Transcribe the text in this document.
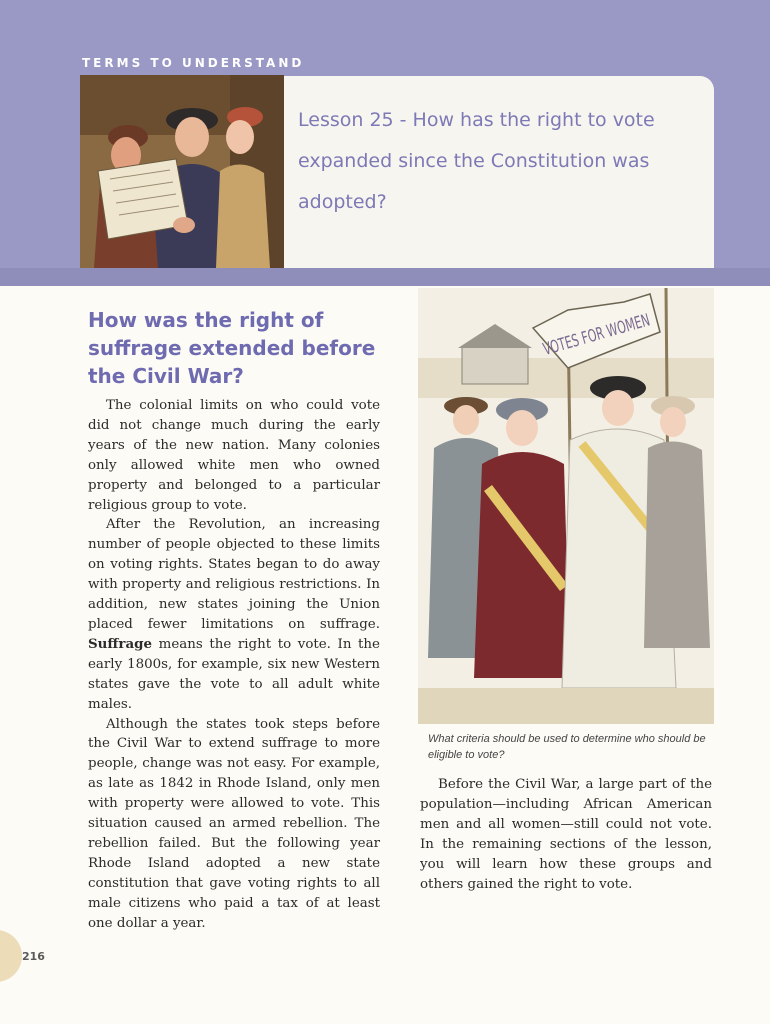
TERMS TO UNDERSTAND
Lesson 25 - How has the right to vote expanded since the Constitution was adopted?
How was the right of suffrage extended before the Civil War?

The colonial limits on who could vote did not change much during the early years of the new nation. Many colonies only allowed white men who owned property and belonged to a particular religious group to vote.

After the Revolution, an increasing number of people objected to these limits on voting rights. States began to do away with property and religious restrictions. In addition, new states joining the Union placed fewer limitations on suffrage. Suffrage means the right to vote. In the early 1800s, for example, six new Western states gave the vote to all adult white males.

Although the states took steps before the Civil War to extend suffrage to more people, change was not easy. For example, as late as 1842 in Rhode Island, only men with property were allowed to vote. This situation caused an armed rebellion. The rebellion failed. But the following year Rhode Island adopted a new state constitution that gave voting rights to all male citizens who paid a tax of at least one dollar a year.

VOTES FOR WOMEN
What criteria should be used to determine who should be eligible to vote?

Before the Civil War, a large part of the population—including African American men and all women—still could not vote. In the remaining sections of the lesson, you will learn how these groups and others gained the right to vote.

216
